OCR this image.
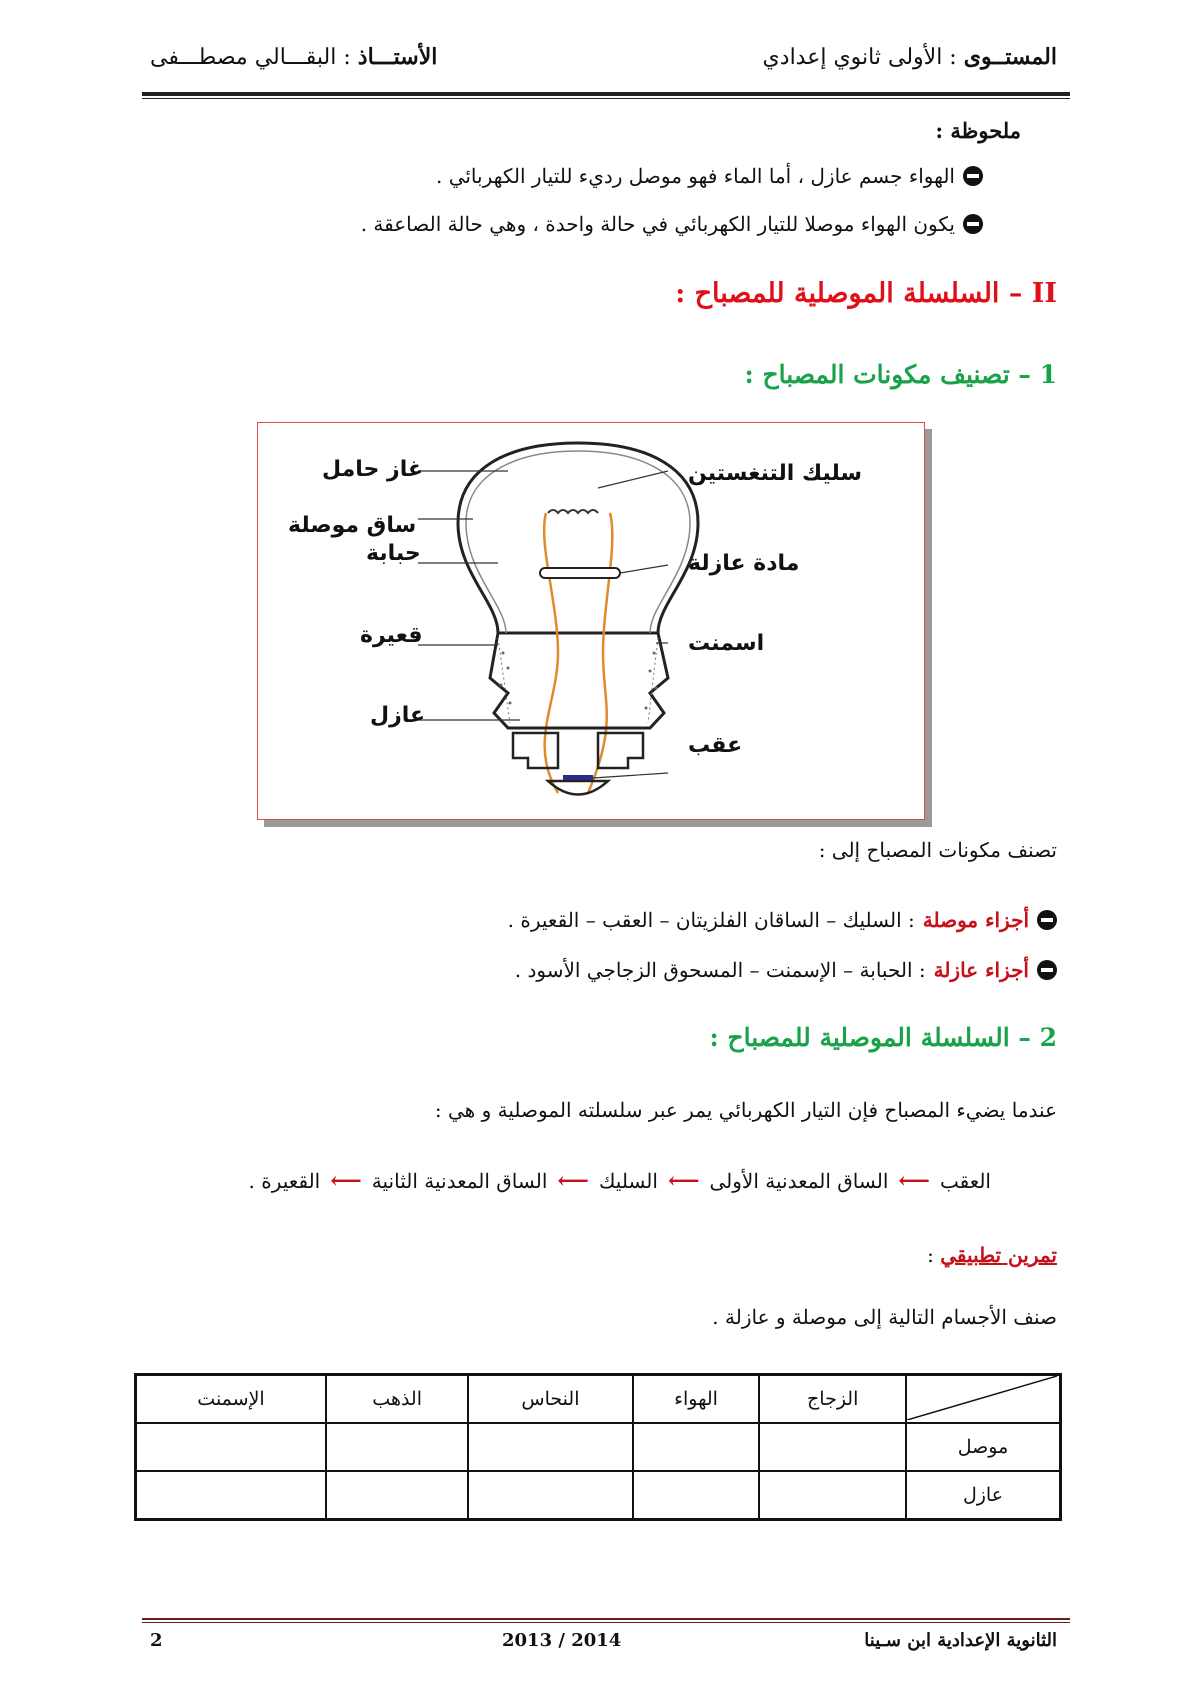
المستــوى : الأولى ثانوي إعدادي
الأستـــاذ : البقـــالي مصطـــفى
ملحوظة :
الهواء جسم عازل ، أما الماء فهو موصل رديء للتيار الكهربائي .
يكون الهواء موصلا للتيار الكهربائي في حالة واحدة ، وهي حالة الصاعقة .
II – السلسلة الموصلية للمصباح :
1 – تصنيف مكونات المصباح :
غاز حامل
ساق موصلة
حبابة
قعيرة
عازل
سليك التنغستين
مادة عازلة
اسمنت
عقب
تصنف مكونات المصباح إلى :
أجزاء موصلة
: السليك – الساقان الفلزيتان – العقب – القعيرة .
أجزاء عازلة
: الحبابة – الإسمنت – المسحوق الزجاجي الأسود .
2 – السلسلة الموصلية للمصباح :
عندما يضيء المصباح فإن التيار الكهربائي يمر عبر سلسلته الموصلية و هي :
العقب
⟵
الساق المعدنية الأولى
⟵
السليك
⟵
الساق المعدنية الثانية
⟵
القعيرة .
تمرين تطبيقي :
صنف الأجسام التالية إلى موصلة و عازلة .
	الزجاج	الهواء	النحاس	الذهب	الإسمنت
موصل					
عازل					
الثانوية الإعدادية ابن سـينا
2013 / 2014
2
